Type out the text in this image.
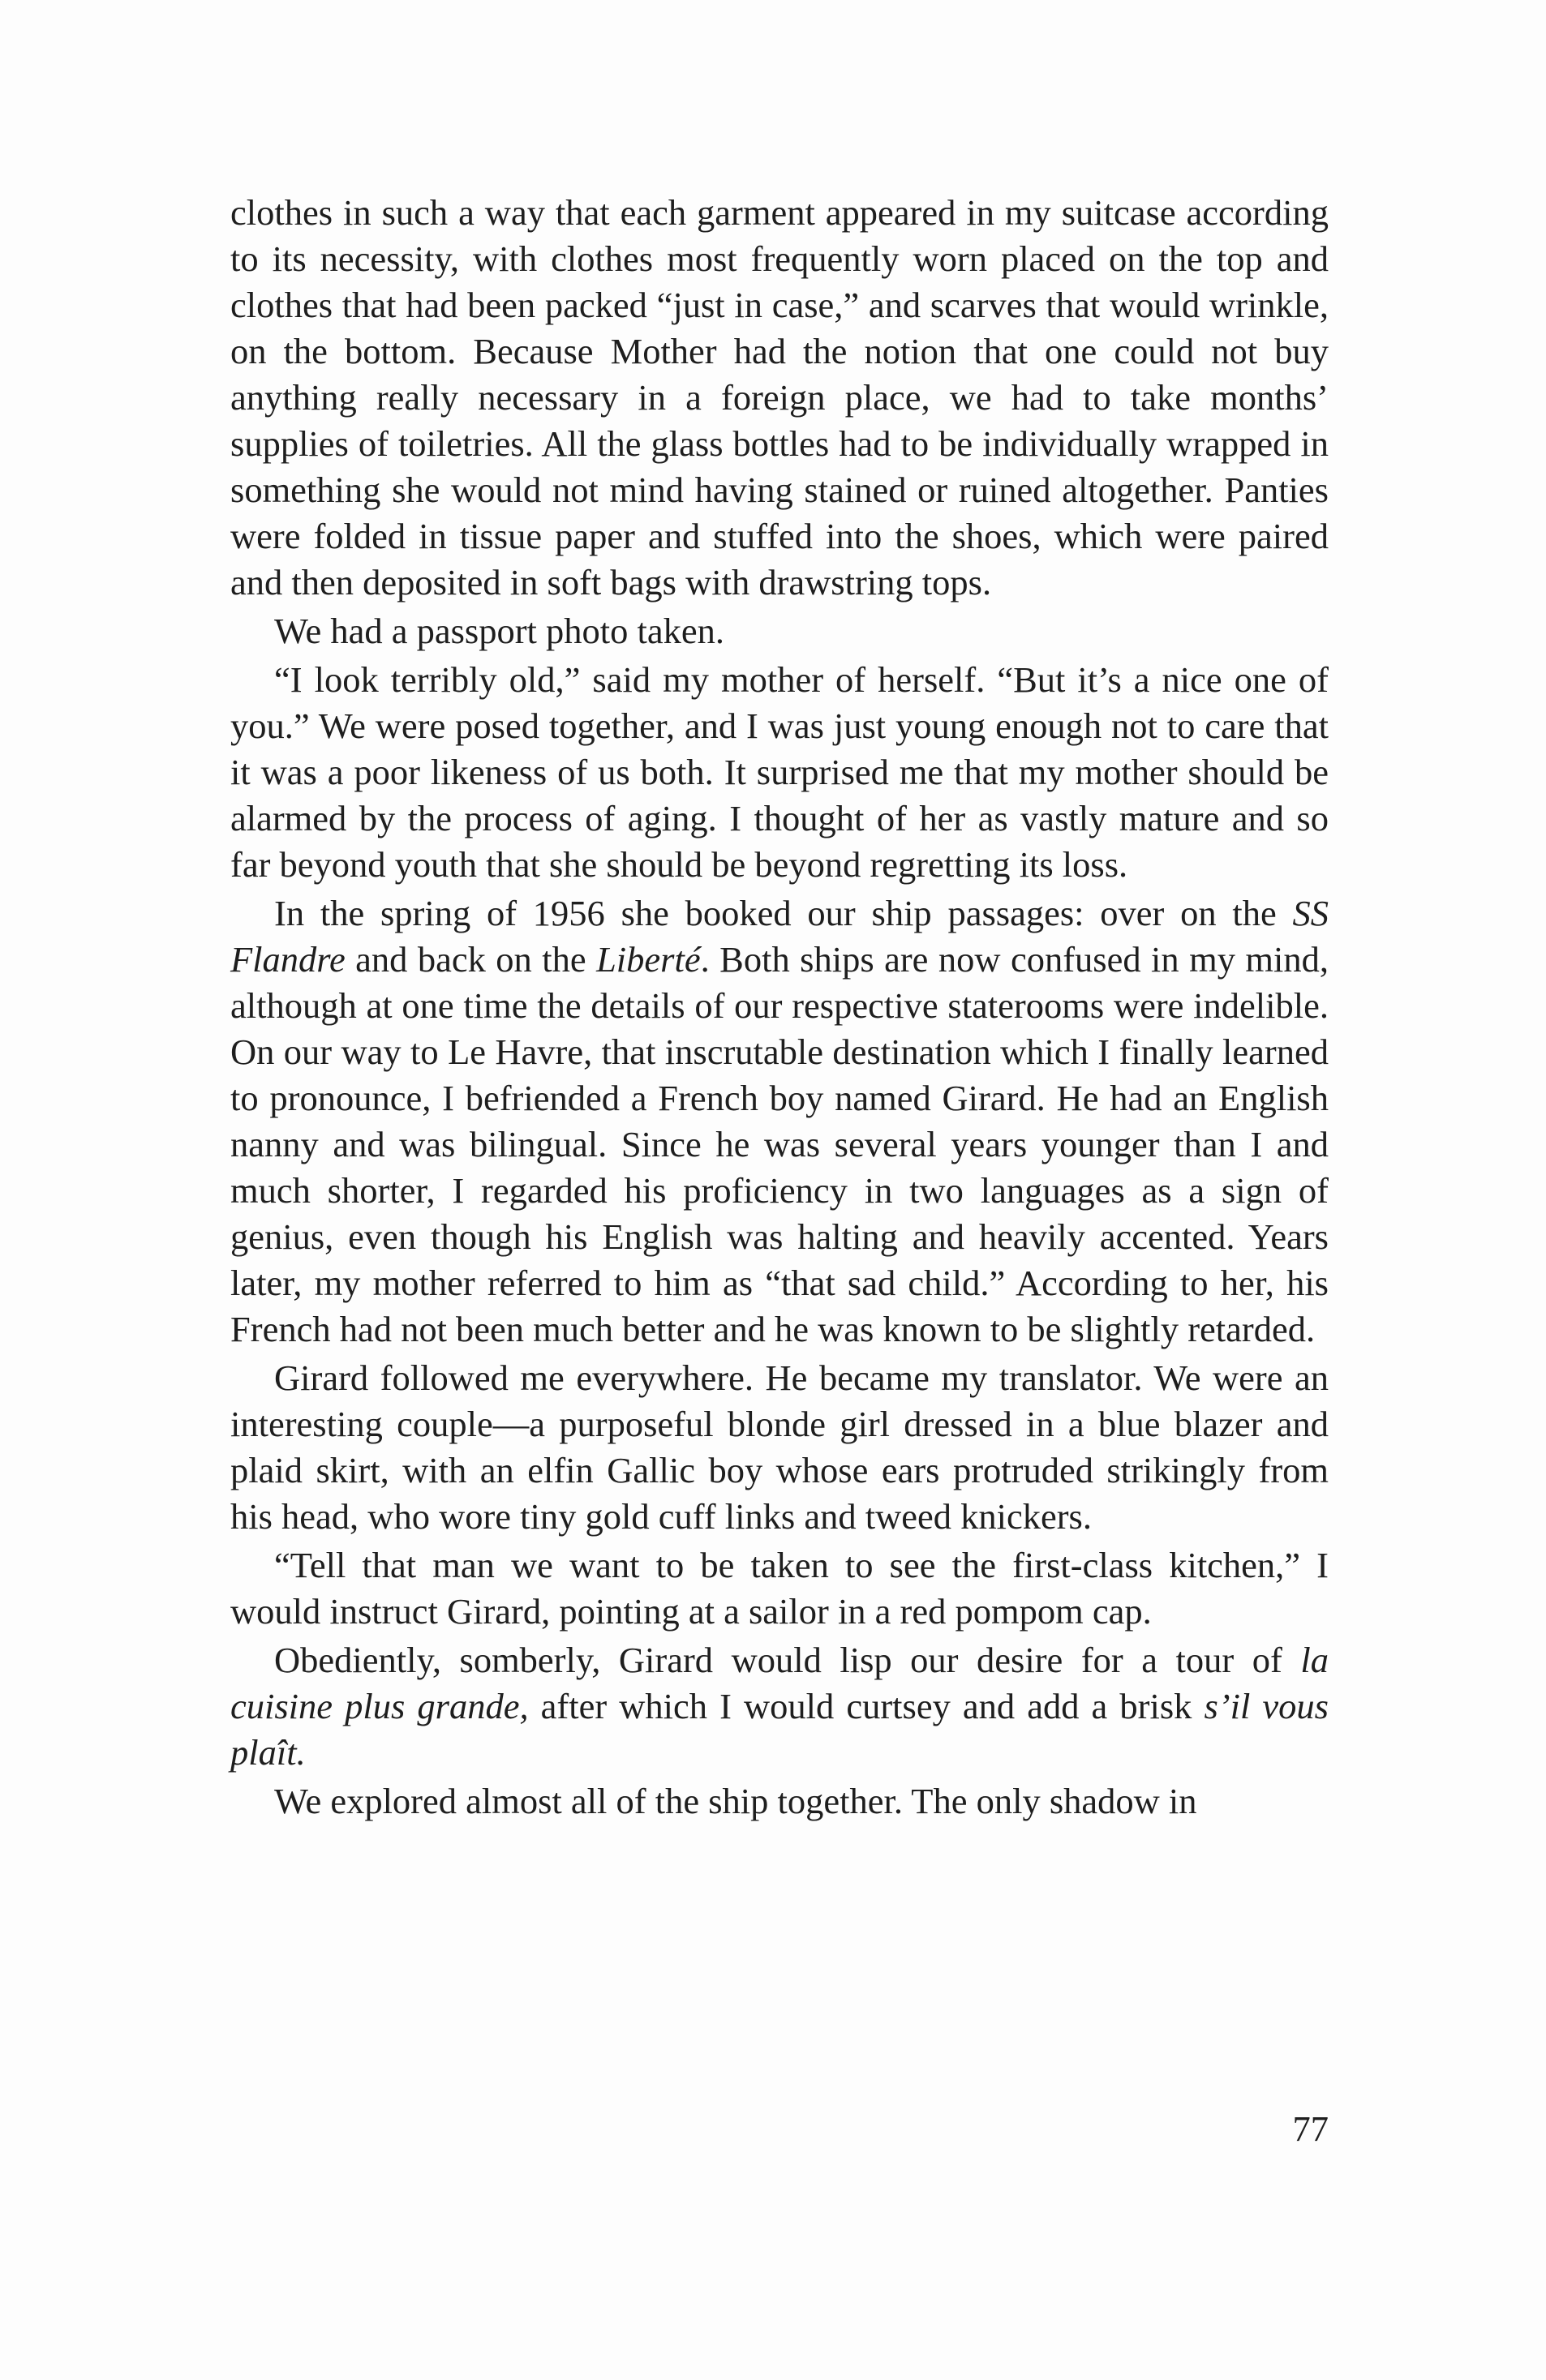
clothes in such a way that each garment appeared in my suitcase according to its necessity, with clothes most frequently worn placed on the top and clothes that had been packed “just in case,” and scarves that would wrinkle, on the bottom. Because Mother had the notion that one could not buy anything really necessary in a foreign place, we had to take months’ supplies of toiletries. All the glass bottles had to be individually wrapped in something she would not mind having stained or ruined altogether. Panties were folded in tissue paper and stuffed into the shoes, which were paired and then deposited in soft bags with drawstring tops.

We had a passport photo taken.

“I look terribly old,” said my mother of herself. “But it’s a nice one of you.” We were posed together, and I was just young enough not to care that it was a poor likeness of us both. It surprised me that my mother should be alarmed by the process of aging. I thought of her as vastly mature and so far beyond youth that she should be beyond regretting its loss.

In the spring of 1956 she booked our ship passages: over on the SS Flandre and back on the Liberté. Both ships are now confused in my mind, although at one time the details of our respective staterooms were indelible. On our way to Le Havre, that inscrutable destination which I finally learned to pronounce, I befriended a French boy named Girard. He had an English nanny and was bilingual. Since he was several years younger than I and much shorter, I regarded his proficiency in two languages as a sign of genius, even though his English was halting and heavily accented. Years later, my mother referred to him as “that sad child.” According to her, his French had not been much better and he was known to be slightly retarded.

Girard followed me everywhere. He became my translator. We were an interesting couple—a purposeful blonde girl dressed in a blue blazer and plaid skirt, with an elfin Gallic boy whose ears protruded strikingly from his head, who wore tiny gold cuff links and tweed knickers.

“Tell that man we want to be taken to see the first-class kitchen,” I would instruct Girard, pointing at a sailor in a red pompom cap.

Obediently, somberly, Girard would lisp our desire for a tour of la cuisine plus grande, after which I would curtsey and add a brisk s’il vous plaît.

We explored almost all of the ship together. The only shadow in

77
